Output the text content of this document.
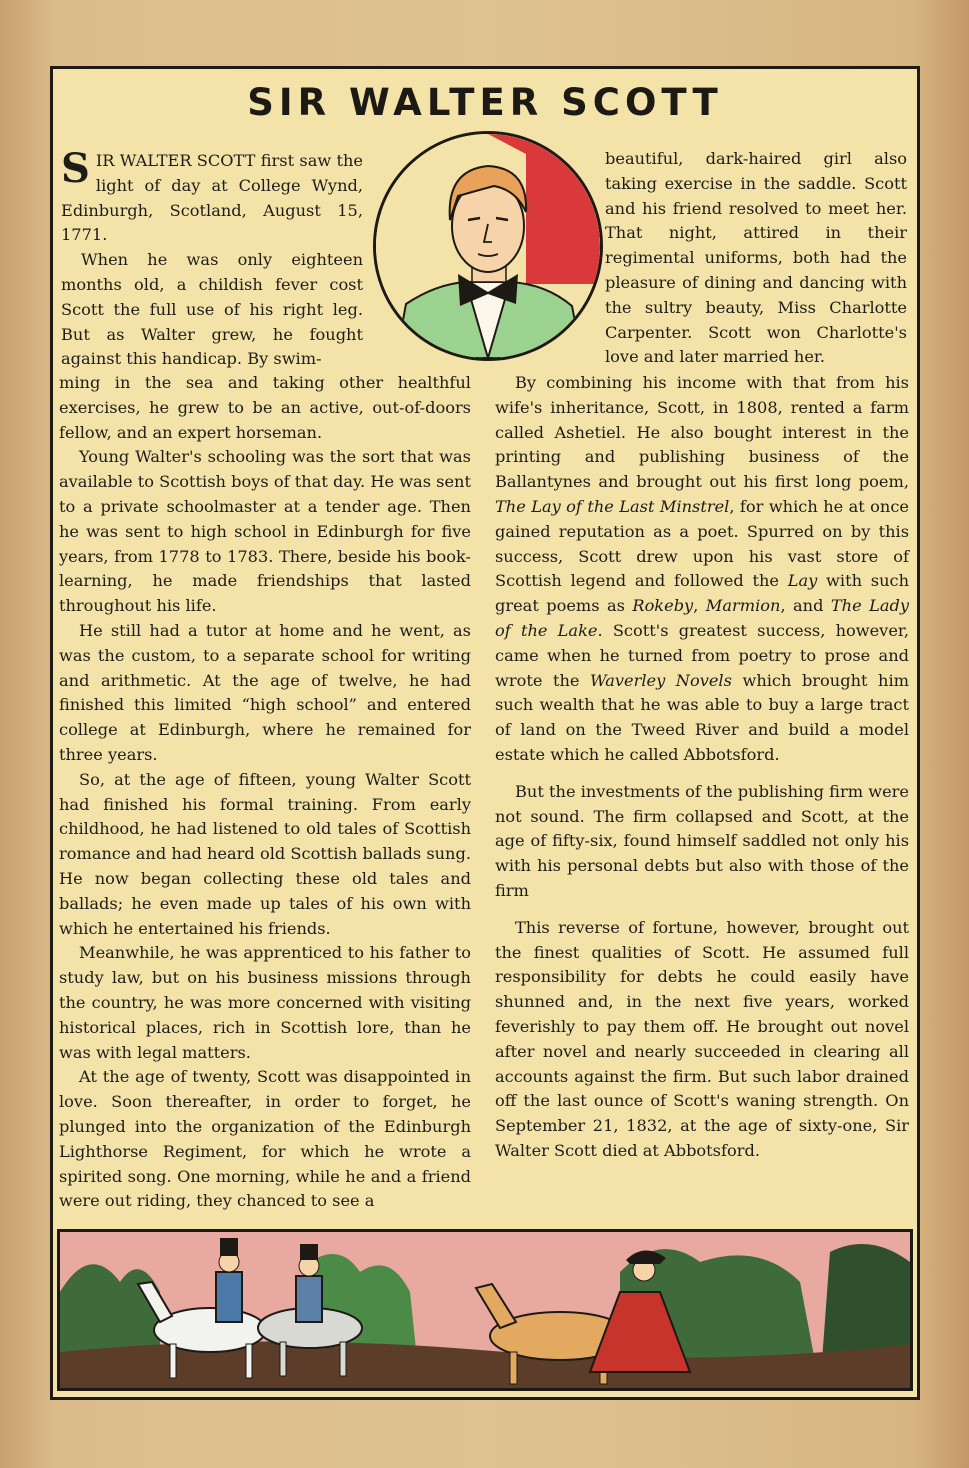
SIR WALTER SCOTT

SIR WALTER SCOTT first saw the light of day at College Wynd, Edinburgh, Scotland, August 15, 1771.

When he was only eighteen months old, a childish fever cost Scott the full use of his right leg. But as Walter grew, he fought against this handicap. By swim-

beautiful, dark-haired girl also taking exercise in the saddle. Scott and his friend resolved to meet her. That night, attired in their regimental uniforms, both had the pleasure of dining and dancing with the sultry beauty, Miss Charlotte Carpenter. Scott won Charlotte's love and later married her.

ming in the sea and taking other healthful exercises, he grew to be an active, out-of-doors fellow, and an expert horseman.

Young Walter's schooling was the sort that was available to Scottish boys of that day. He was sent to a private schoolmaster at a tender age. Then he was sent to high school in Edinburgh for five years, from 1778 to 1783. There, beside his book-learning, he made friendships that lasted throughout his life.

He still had a tutor at home and he went, as was the custom, to a separate school for writing and arithmetic. At the age of twelve, he had finished this limited “high school” and entered college at Edinburgh, where he remained for three years.

So, at the age of fifteen, young Walter Scott had finished his formal training. From early childhood, he had listened to old tales of Scottish romance and had heard old Scottish ballads sung. He now began collecting these old tales and ballads; he even made up tales of his own with which he entertained his friends.

Meanwhile, he was apprenticed to his father to study law, but on his business missions through the country, he was more concerned with visiting historical places, rich in Scottish lore, than he was with legal matters.

At the age of twenty, Scott was disappointed in love. Soon thereafter, in order to forget, he plunged into the organization of the Edinburgh Lighthorse Regiment, for which he wrote a spirited song. One morning, while he and a friend were out riding, they chanced to see a

By combining his income with that from his wife's inheritance, Scott, in 1808, rented a farm called Ashetiel. He also bought interest in the printing and publishing business of the Ballantynes and brought out his first long poem, The Lay of the Last Minstrel, for which he at once gained reputation as a poet. Spurred on by this success, Scott drew upon his vast store of Scottish legend and followed the Lay with such great poems as Rokeby, Marmion, and The Lady of the Lake. Scott's greatest success, however, came when he turned from poetry to prose and wrote the Waverley Novels which brought him such wealth that he was able to buy a large tract of land on the Tweed River and build a model estate which he called Abbotsford.

But the investments of the publishing firm were not sound. The firm collapsed and Scott, at the age of fifty-six, found himself saddled not only his with his personal debts but also with those of the firm

This reverse of fortune, however, brought out the finest qualities of Scott. He assumed full responsibility for debts he could easily have shunned and, in the next five years, worked feverishly to pay them off. He brought out novel after novel and nearly succeeded in clearing all accounts against the firm. But such labor drained off the last ounce of Scott's waning strength. On September 21, 1832, at the age of sixty-one, Sir Walter Scott died at Abbotsford.
